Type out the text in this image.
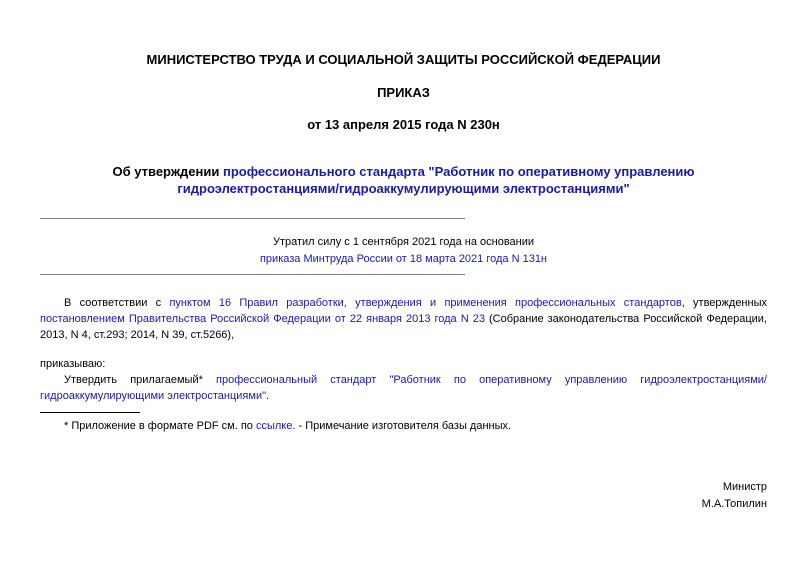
МИНИСТЕРСТВО ТРУДА И СОЦИАЛЬНОЙ ЗАЩИТЫ РОССИЙСКОЙ ФЕДЕРАЦИИ
ПРИКАЗ
от 13 апреля 2015 года N 230н
Об утверждении профессионального стандарта "Работник по оперативному управлению
гидроэлектростанциями/гидроаккумулирующими электростанциями"
Утратил силу с 1 сентября 2021 года на основании
приказа Минтруда России от 18 марта 2021 года N 131н
В соответствии с пунктом 16 Правил разработки, утверждения и применения профессиональных стандартов, утвержденных постановлением Правительства Российской Федерации от 22 января 2013 года N 23 (Собрание законодательства Российской Федерации, 2013, N 4, ст.293; 2014, N 39, ст.5266),
приказываю:
Утвердить прилагаемый* профессиональный стандарт "Работник по оперативному управлению гидроэлектростанциями/гидроаккумулирующими электростанциями".
* Приложение в формате PDF см. по ссылке. - Примечание изготовителя базы данных.
Министр
М.А.Топилин
